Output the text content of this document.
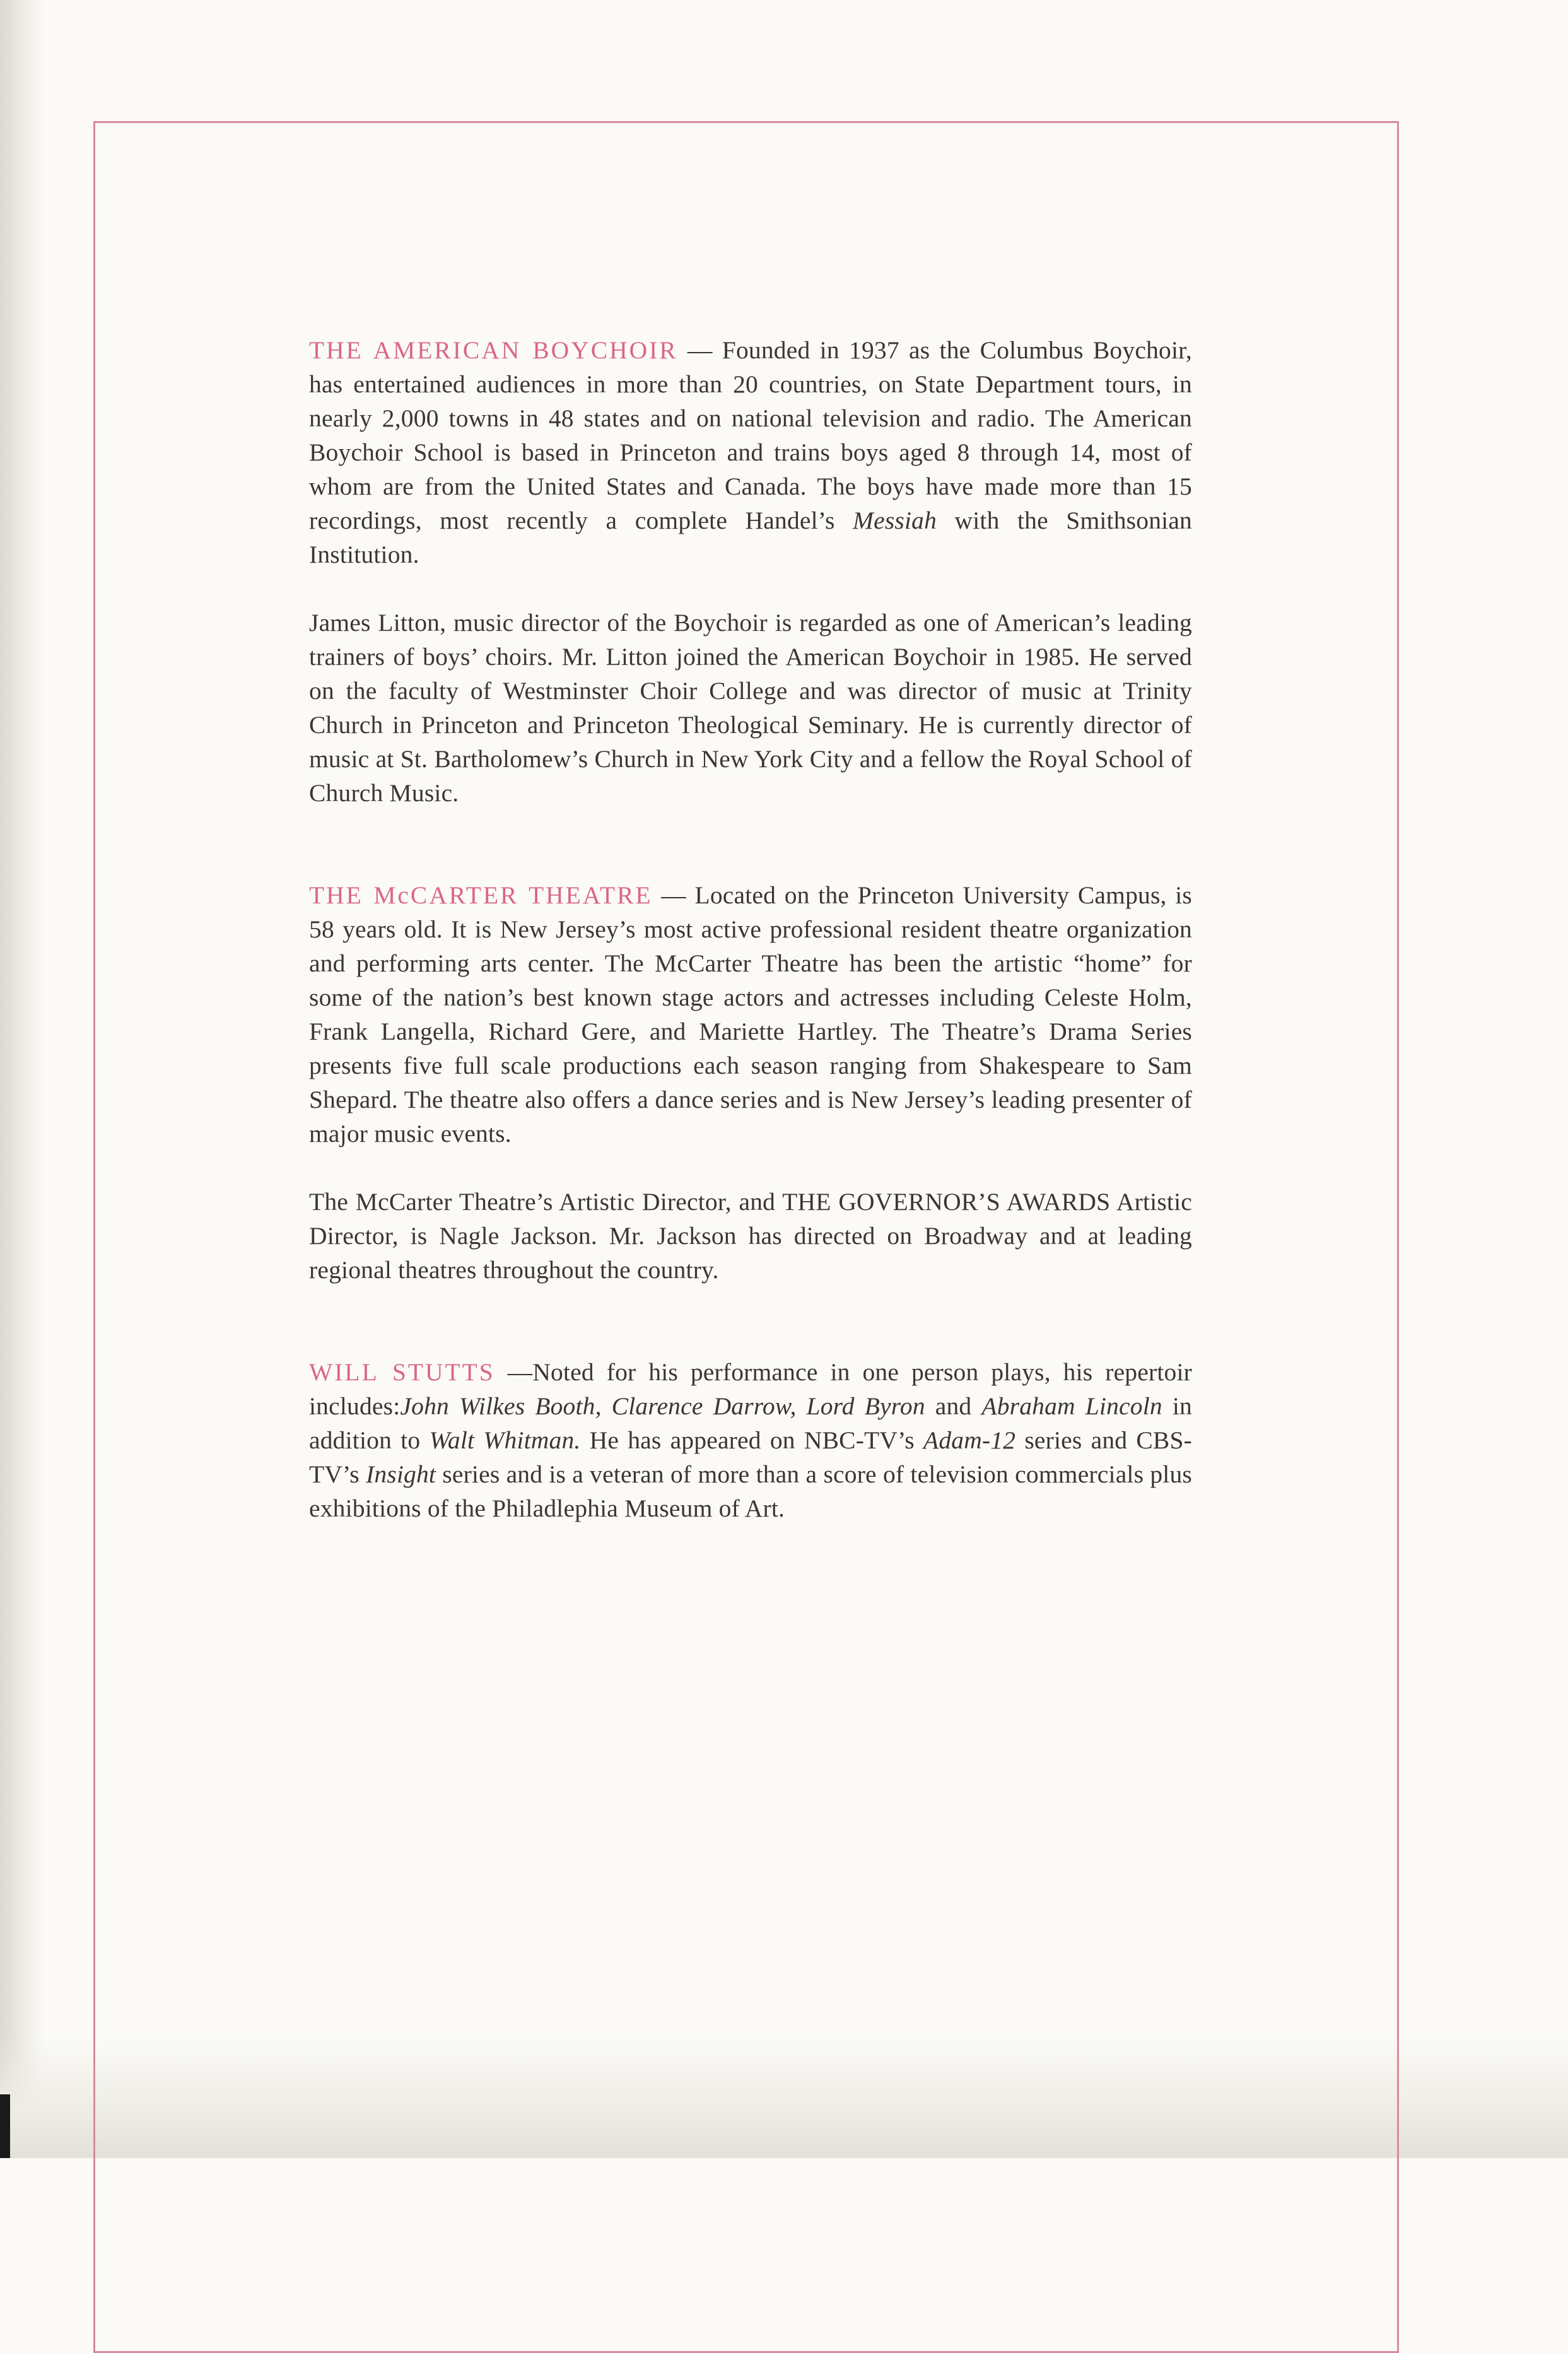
THE AMERICAN BOYCHOIR — Founded in 1937 as the Columbus Boychoir, has entertained audiences in more than 20 countries, on State Department tours, in nearly 2,000 towns in 48 states and on national television and radio. The American Boychoir School is based in Princeton and trains boys aged 8 through 14, most of whom are from the United States and Canada. The boys have made more than 15 recordings, most recently a complete Handel’s Messiah with the Smithsonian Institution.

James Litton, music director of the Boychoir is regarded as one of American’s leading trainers of boys’ choirs. Mr. Litton joined the American Boychoir in 1985. He served on the faculty of Westminster Choir College and was director of music at Trinity Church in Princeton and Princeton Theological Seminary. He is currently director of music at St. Bartholomew’s Church in New York City and a fellow the Royal School of Church Music.

THE McCARTER THEATRE — Located on the Princeton University Campus, is 58 years old. It is New Jersey’s most active professional resident theatre organization and performing arts center. The McCarter Theatre has been the artistic “home” for some of the nation’s best known stage actors and actresses including Celeste Holm, Frank Langella, Richard Gere, and Mariette Hartley. The Theatre’s Drama Series presents five full scale productions each season ranging from Shakespeare to Sam Shepard. The theatre also offers a dance series and is New Jersey’s leading presenter of major music events.

The McCarter Theatre’s Artistic Director, and THE GOVERNOR’S AWARDS Artistic Director, is Nagle Jackson. Mr. Jackson has directed on Broadway and at leading regional theatres throughout the country.

WILL STUTTS —Noted for his performance in one person plays, his repertoir includes:John Wilkes Booth, Clarence Darrow, Lord Byron and Abraham Lincoln in addition to Walt Whitman. He has appeared on NBC-TV’s Adam-12 series and CBS-TV’s Insight series and is a veteran of more than a score of television commercials plus exhibitions of the Philadlephia Museum of Art.
